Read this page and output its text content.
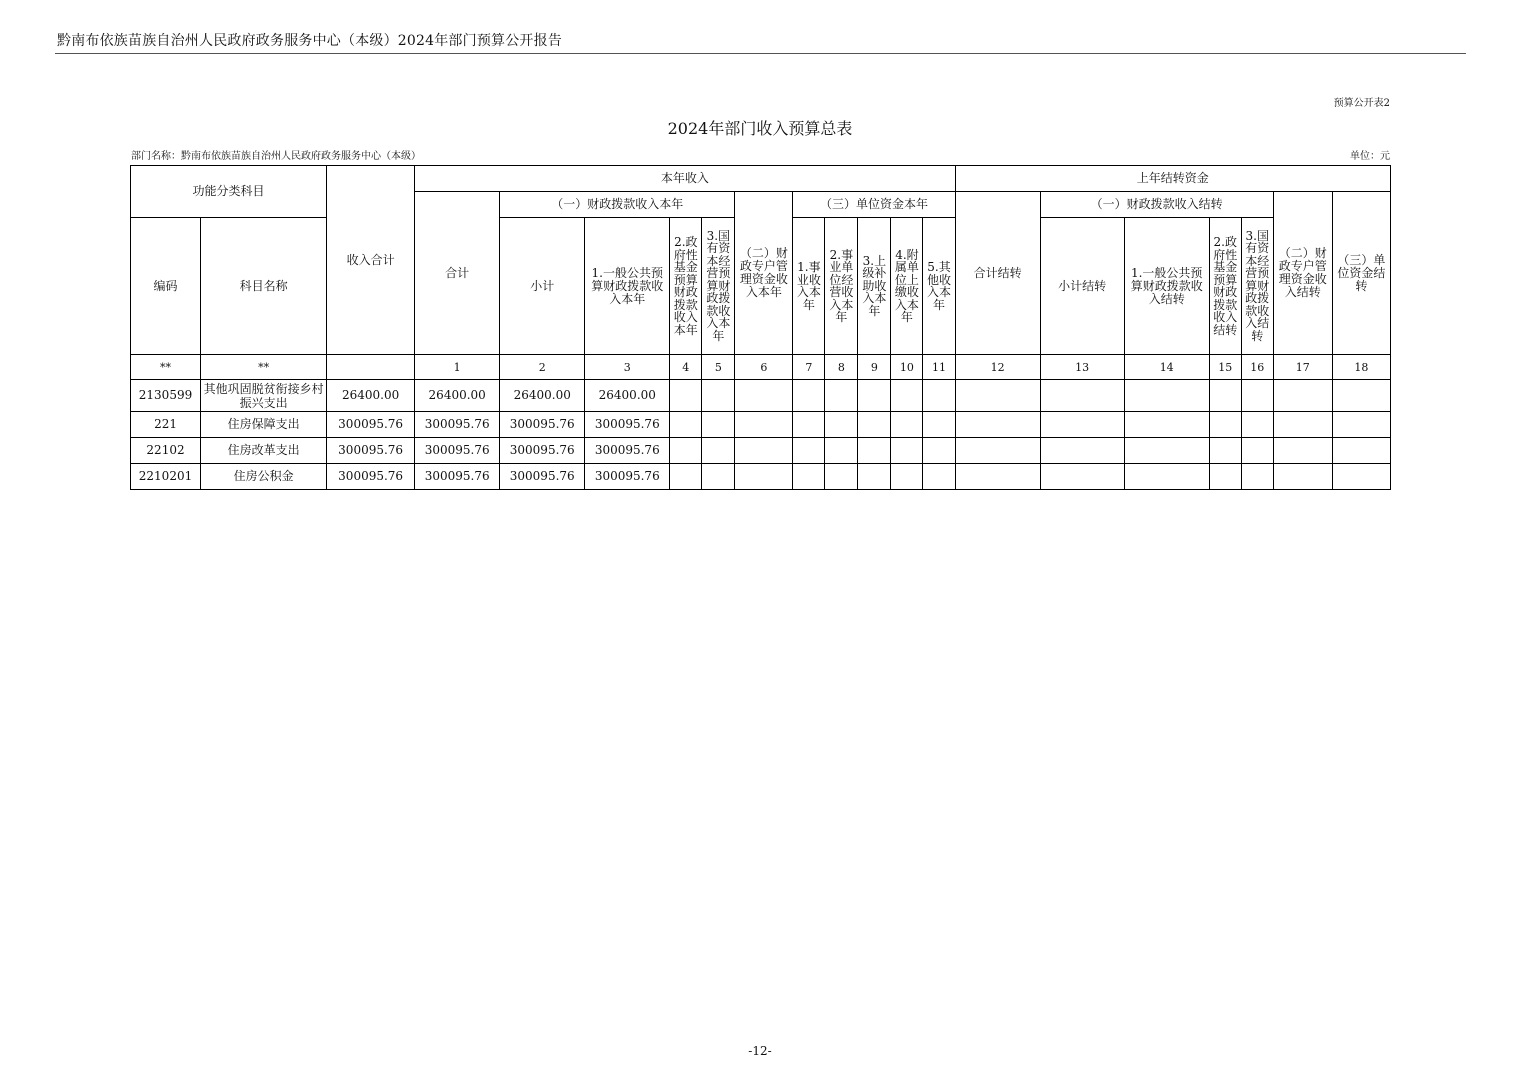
黔南布依族苗族自治州人民政府政务服务中心（本级）2024年部门预算公开报告
预算公开表2
2024年部门收入预算总表
部门名称：黔南布依族苗族自治州人民政府政务服务中心（本级）	单位：元
功能分类科目		收入合计	本年收入											上年结转资金						
			合计	（一）财政拨款收入本年				（二）财政专户管理资金收入本年	（三）单位资金本年					合计结转	（一）财政拨款收入结转				（二）财政专户管理资金收入结转	（三）单位资金结转
编码	科目名称			小计	1.一般公共预算财政拨款收入本年	2.政府性基金预算财政拨款收入本年	3.国有资本经营预算财政拨款收入本年		1.事业收入本年	2.事业单位经营收入本年	3.上级补助收入本年	4.附属单位上缴收入本年	5.其他收入本年		小计结转	1.一般公共预算财政拨款收入结转	2.政府性基金预算财政拨款收入结转	3.国有资本经营预算财政拨款收入结转		
**	**		1	2	3	4	5	6	7	8	9	10	11	12	13	14	15	16	17	18
2130599	其他巩固脱贫衔接乡村振兴支出	26400.00	26400.00	26400.00	26400.00															
221	住房保障支出	300095.76	300095.76	300095.76	300095.76															
22102	住房改革支出	300095.76	300095.76	300095.76	300095.76															
2210201	住房公积金	300095.76	300095.76	300095.76	300095.76															
-12-
